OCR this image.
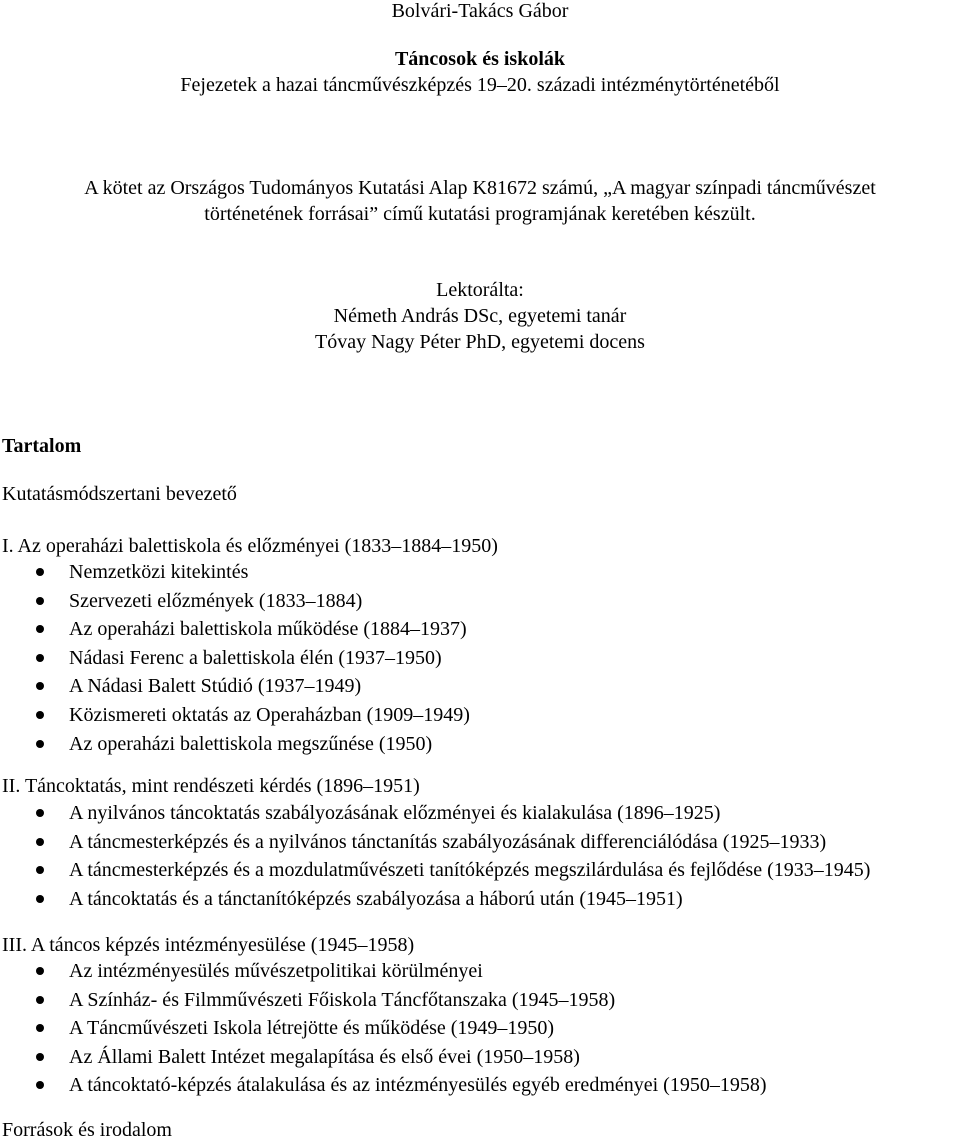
Bolvári-Takács Gábor
Táncosok és iskolák
Fejezetek a hazai táncművészképzés 19–20. századi intézménytörténetéből
A kötet az Országos Tudományos Kutatási Alap K81672 számú, „A magyar színpadi táncművészet
történetének forrásai” című kutatási programjának keretében készült.
Lektorálta:
Németh András DSc, egyetemi tanár
Tóvay Nagy Péter PhD, egyetemi docens
Tartalom
Kutatásmódszertani bevezető
I. Az operaházi balettiskola és előzményei (1833–1884–1950)
Nemzetközi kitekintés
Szervezeti előzmények (1833–1884)
Az operaházi balettiskola működése (1884–1937)
Nádasi Ferenc a balettiskola élén (1937–1950)
A Nádasi Balett Stúdió (1937–1949)
Közismereti oktatás az Operaházban (1909–1949)
Az operaházi balettiskola megszűnése (1950)
II. Táncoktatás, mint rendészeti kérdés (1896–1951)
A nyilvános táncoktatás szabályozásának előzményei és kialakulása (1896–1925)
A táncmesterképzés és a nyilvános tánctanítás szabályozásának differenciálódása (1925–1933)
A táncmesterképzés és a mozdulatművészeti tanítóképzés megszilárdulása és fejlődése (1933–1945)
A táncoktatás és a tánctanítóképzés szabályozása a háború után (1945–1951)
III. A táncos képzés intézményesülése (1945–1958)
Az intézményesülés művészetpolitikai körülményei
A Színház- és Filmművészeti Főiskola Táncfőtanszaka (1945–1958)
A Táncművészeti Iskola létrejötte és működése (1949–1950)
Az Állami Balett Intézet megalapítása és első évei (1950–1958)
A táncoktató-képzés átalakulása és az intézményesülés egyéb eredményei (1950–1958)
Források és irodalom
